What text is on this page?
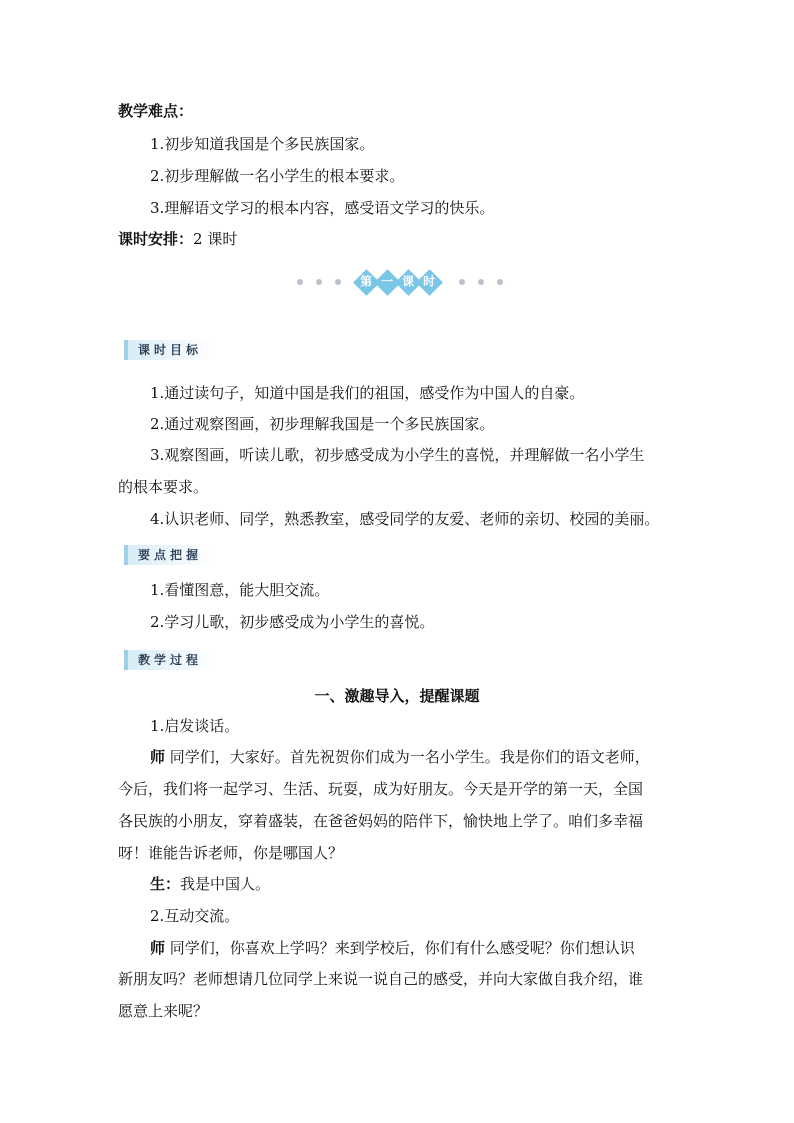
教学难点：
1.初步知道我国是个多民族国家。
2.初步理解做一名小学生的根本要求。
3.理解语文学习的根本内容，感受语文学习的快乐。
课时安排：2 课时
第 一 课 时
课时目标
1.通过读句子，知道中国是我们的祖国，感受作为中国人的自豪。
2.通过观察图画，初步理解我国是一个多民族国家。
3.观察图画，听读儿歌，初步感受成为小学生的喜悦，并理解做一名小学生
的根本要求。
4.认识老师、同学，熟悉教室，感受同学的友爱、老师的亲切、校园的美丽。
要点把握
1.看懂图意，能大胆交流。
2.学习儿歌，初步感受成为小学生的喜悦。
教学过程
一、激趣导入，提醒课题
1.启发谈话。
师 同学们，大家好。首先祝贺你们成为一名小学生。我是你们的语文老师，
今后，我们将一起学习、生活、玩耍，成为好朋友。今天是开学的第一天，全国
各民族的小朋友，穿着盛装，在爸爸妈妈的陪伴下，愉快地上学了。咱们多幸福
呀！谁能告诉老师，你是哪国人？
生：我是中国人。
2.互动交流。
师 同学们，你喜欢上学吗？来到学校后，你们有什么感受呢？你们想认识
新朋友吗？老师想请几位同学上来说一说自己的感受，并向大家做自我介绍，谁
愿意上来呢？
